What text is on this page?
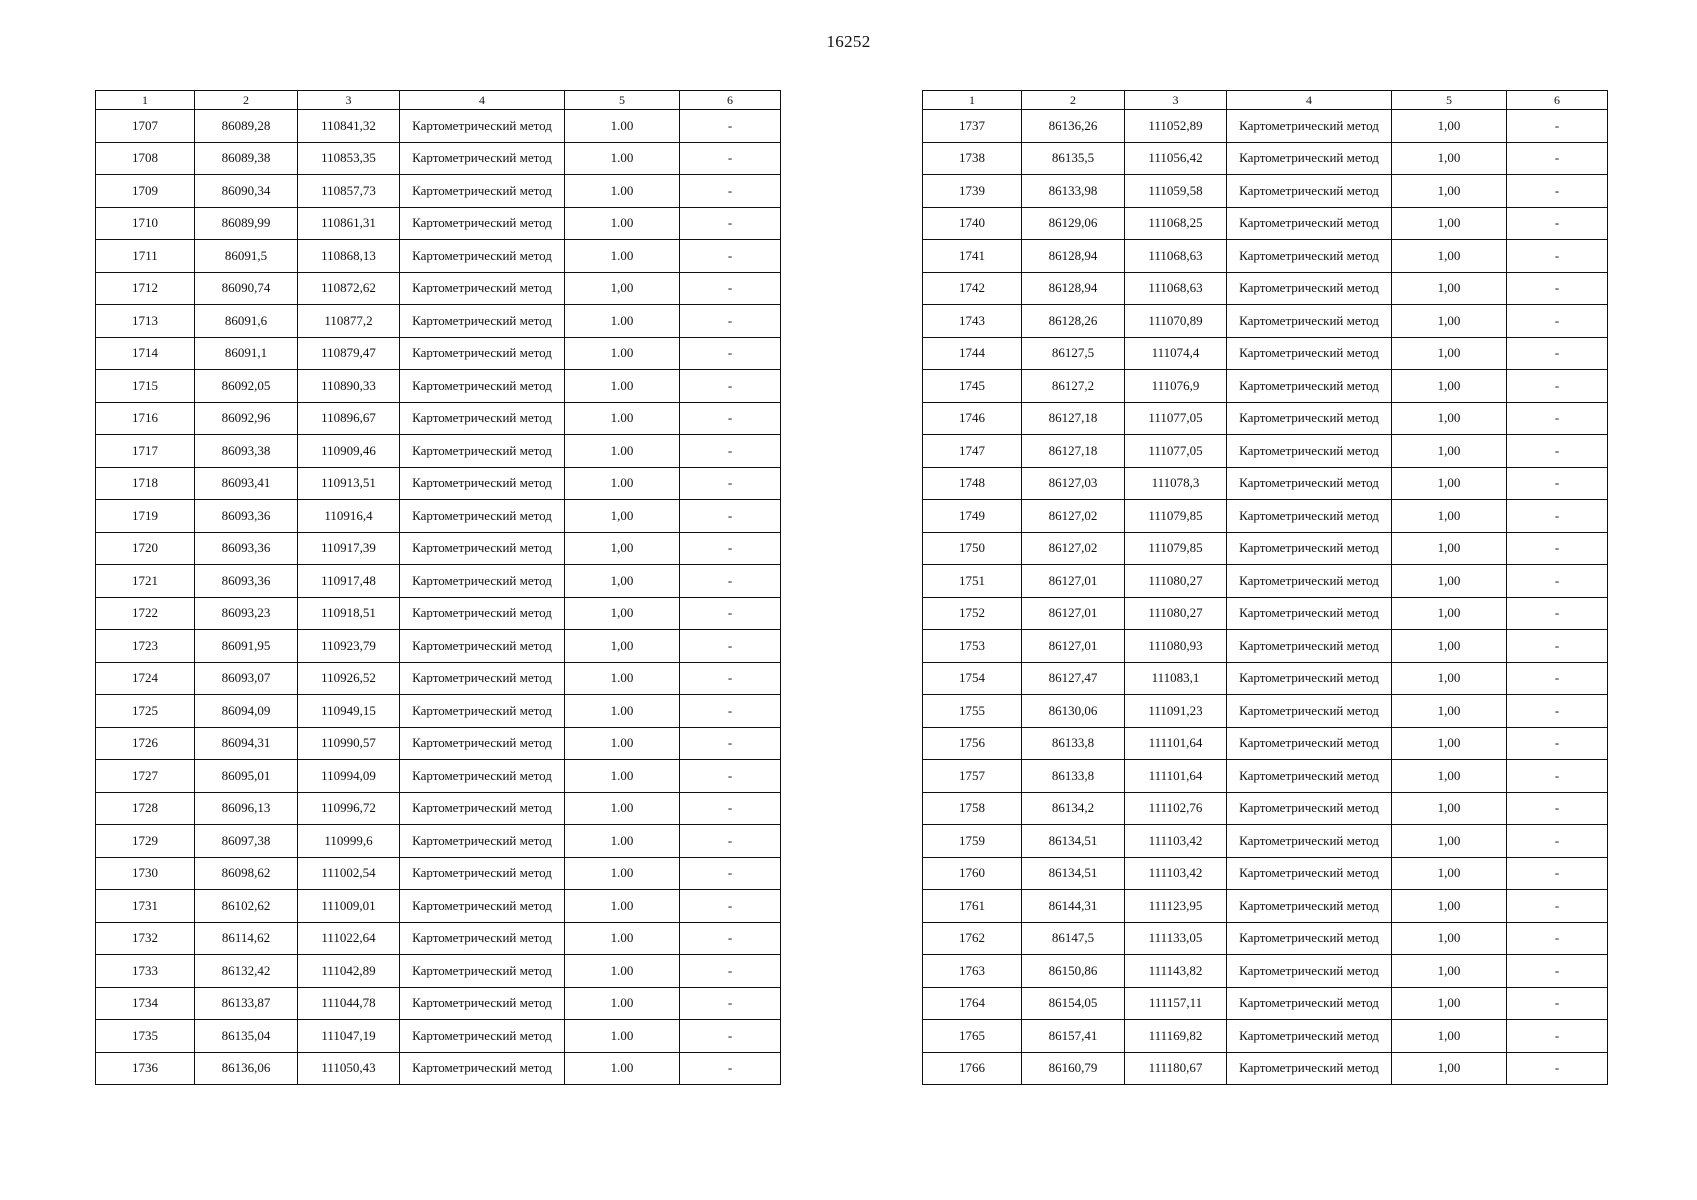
16252
1	2	3	4	5	6
1707	86089,28	110841,32	Картометрический метод	1.00	-
1708	86089,38	110853,35	Картометрический метод	1.00	-
1709	86090,34	110857,73	Картометрический метод	1.00	-
1710	86089,99	110861,31	Картометрический метод	1.00	-
1711	86091,5	110868,13	Картометрический метод	1.00	-
1712	86090,74	110872,62	Картометрический метод	1,00	-
1713	86091,6	110877,2	Картометрический метод	1.00	-
1714	86091,1	110879,47	Картометрический метод	1.00	-
1715	86092,05	110890,33	Картометрический метод	1.00	-
1716	86092,96	110896,67	Картометрический метод	1.00	-
1717	86093,38	110909,46	Картометрический метод	1.00	-
1718	86093,41	110913,51	Картометрический метод	1.00	-
1719	86093,36	110916,4	Картометрический метод	1,00	-
1720	86093,36	110917,39	Картометрический метод	1,00	-
1721	86093,36	110917,48	Картометрический метод	1,00	-
1722	86093,23	110918,51	Картометрический метод	1,00	-
1723	86091,95	110923,79	Картометрический метод	1,00	-
1724	86093,07	110926,52	Картометрический метод	1.00	-
1725	86094,09	110949,15	Картометрический метод	1.00	-
1726	86094,31	110990,57	Картометрический метод	1.00	-
1727	86095,01	110994,09	Картометрический метод	1.00	-
1728	86096,13	110996,72	Картометрический метод	1.00	-
1729	86097,38	110999,6	Картометрический метод	1.00	-
1730	86098,62	111002,54	Картометрический метод	1.00	-
1731	86102,62	111009,01	Картометрический метод	1.00	-
1732	86114,62	111022,64	Картометрический метод	1.00	-
1733	86132,42	111042,89	Картометрический метод	1.00	-
1734	86133,87	111044,78	Картометрический метод	1.00	-
1735	86135,04	111047,19	Картометрический метод	1.00	-
1736	86136,06	111050,43	Картометрический метод	1.00	-
1	2	3	4	5	6
1737	86136,26	111052,89	Картометрический метод	1,00	-
1738	86135,5	111056,42	Картометрический метод	1,00	-
1739	86133,98	111059,58	Картометрический метод	1,00	-
1740	86129,06	111068,25	Картометрический метод	1,00	-
1741	86128,94	111068,63	Картометрический метод	1,00	-
1742	86128,94	111068,63	Картометрический метод	1,00	-
1743	86128,26	111070,89	Картометрический метод	1,00	-
1744	86127,5	111074,4	Картометрический метод	1,00	-
1745	86127,2	111076,9	Картометрический метод	1,00	-
1746	86127,18	111077,05	Картометрический метод	1,00	-
1747	86127,18	111077,05	Картометрический метод	1,00	-
1748	86127,03	111078,3	Картометрический метод	1,00	-
1749	86127,02	111079,85	Картометрический метод	1,00	-
1750	86127,02	111079,85	Картометрический метод	1,00	-
1751	86127,01	111080,27	Картометрический метод	1,00	-
1752	86127,01	111080,27	Картометрический метод	1,00	-
1753	86127,01	111080,93	Картометрический метод	1,00	-
1754	86127,47	111083,1	Картометрический метод	1,00	-
1755	86130,06	111091,23	Картометрический метод	1,00	-
1756	86133,8	111101,64	Картометрический метод	1,00	-
1757	86133,8	111101,64	Картометрический метод	1,00	-
1758	86134,2	111102,76	Картометрический метод	1,00	-
1759	86134,51	111103,42	Картометрический метод	1,00	-
1760	86134,51	111103,42	Картометрический метод	1,00	-
1761	86144,31	111123,95	Картометрический метод	1,00	-
1762	86147,5	111133,05	Картометрический метод	1,00	-
1763	86150,86	111143,82	Картометрический метод	1,00	-
1764	86154,05	111157,11	Картометрический метод	1,00	-
1765	86157,41	111169,82	Картометрический метод	1,00	-
1766	86160,79	111180,67	Картометрический метод	1,00	-
